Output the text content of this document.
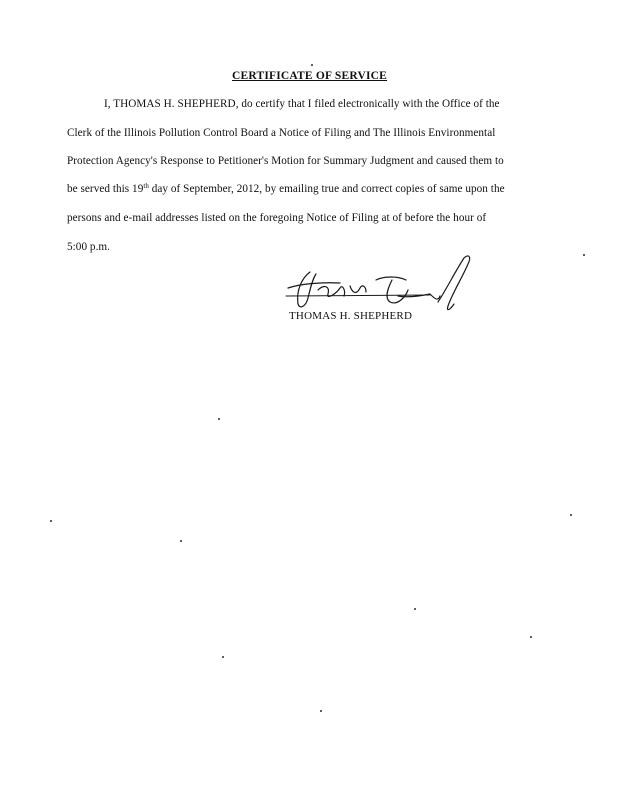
CERTIFICATE OF SERVICE
I, THOMAS H. SHEPHERD, do certify that I filed electronically with the Office of the
Clerk of the Illinois Pollution Control Board a Notice of Filing and The Illinois Environmental
Protection Agency's Response to Petitioner's Motion for Summary Judgment and caused them to
be served this 19th day of September, 2012, by emailing true and correct copies of same upon the
persons and e-mail addresses listed on the foregoing Notice of Filing at of before the hour of
5:00 p.m.
THOMAS H. SHEPHERD
